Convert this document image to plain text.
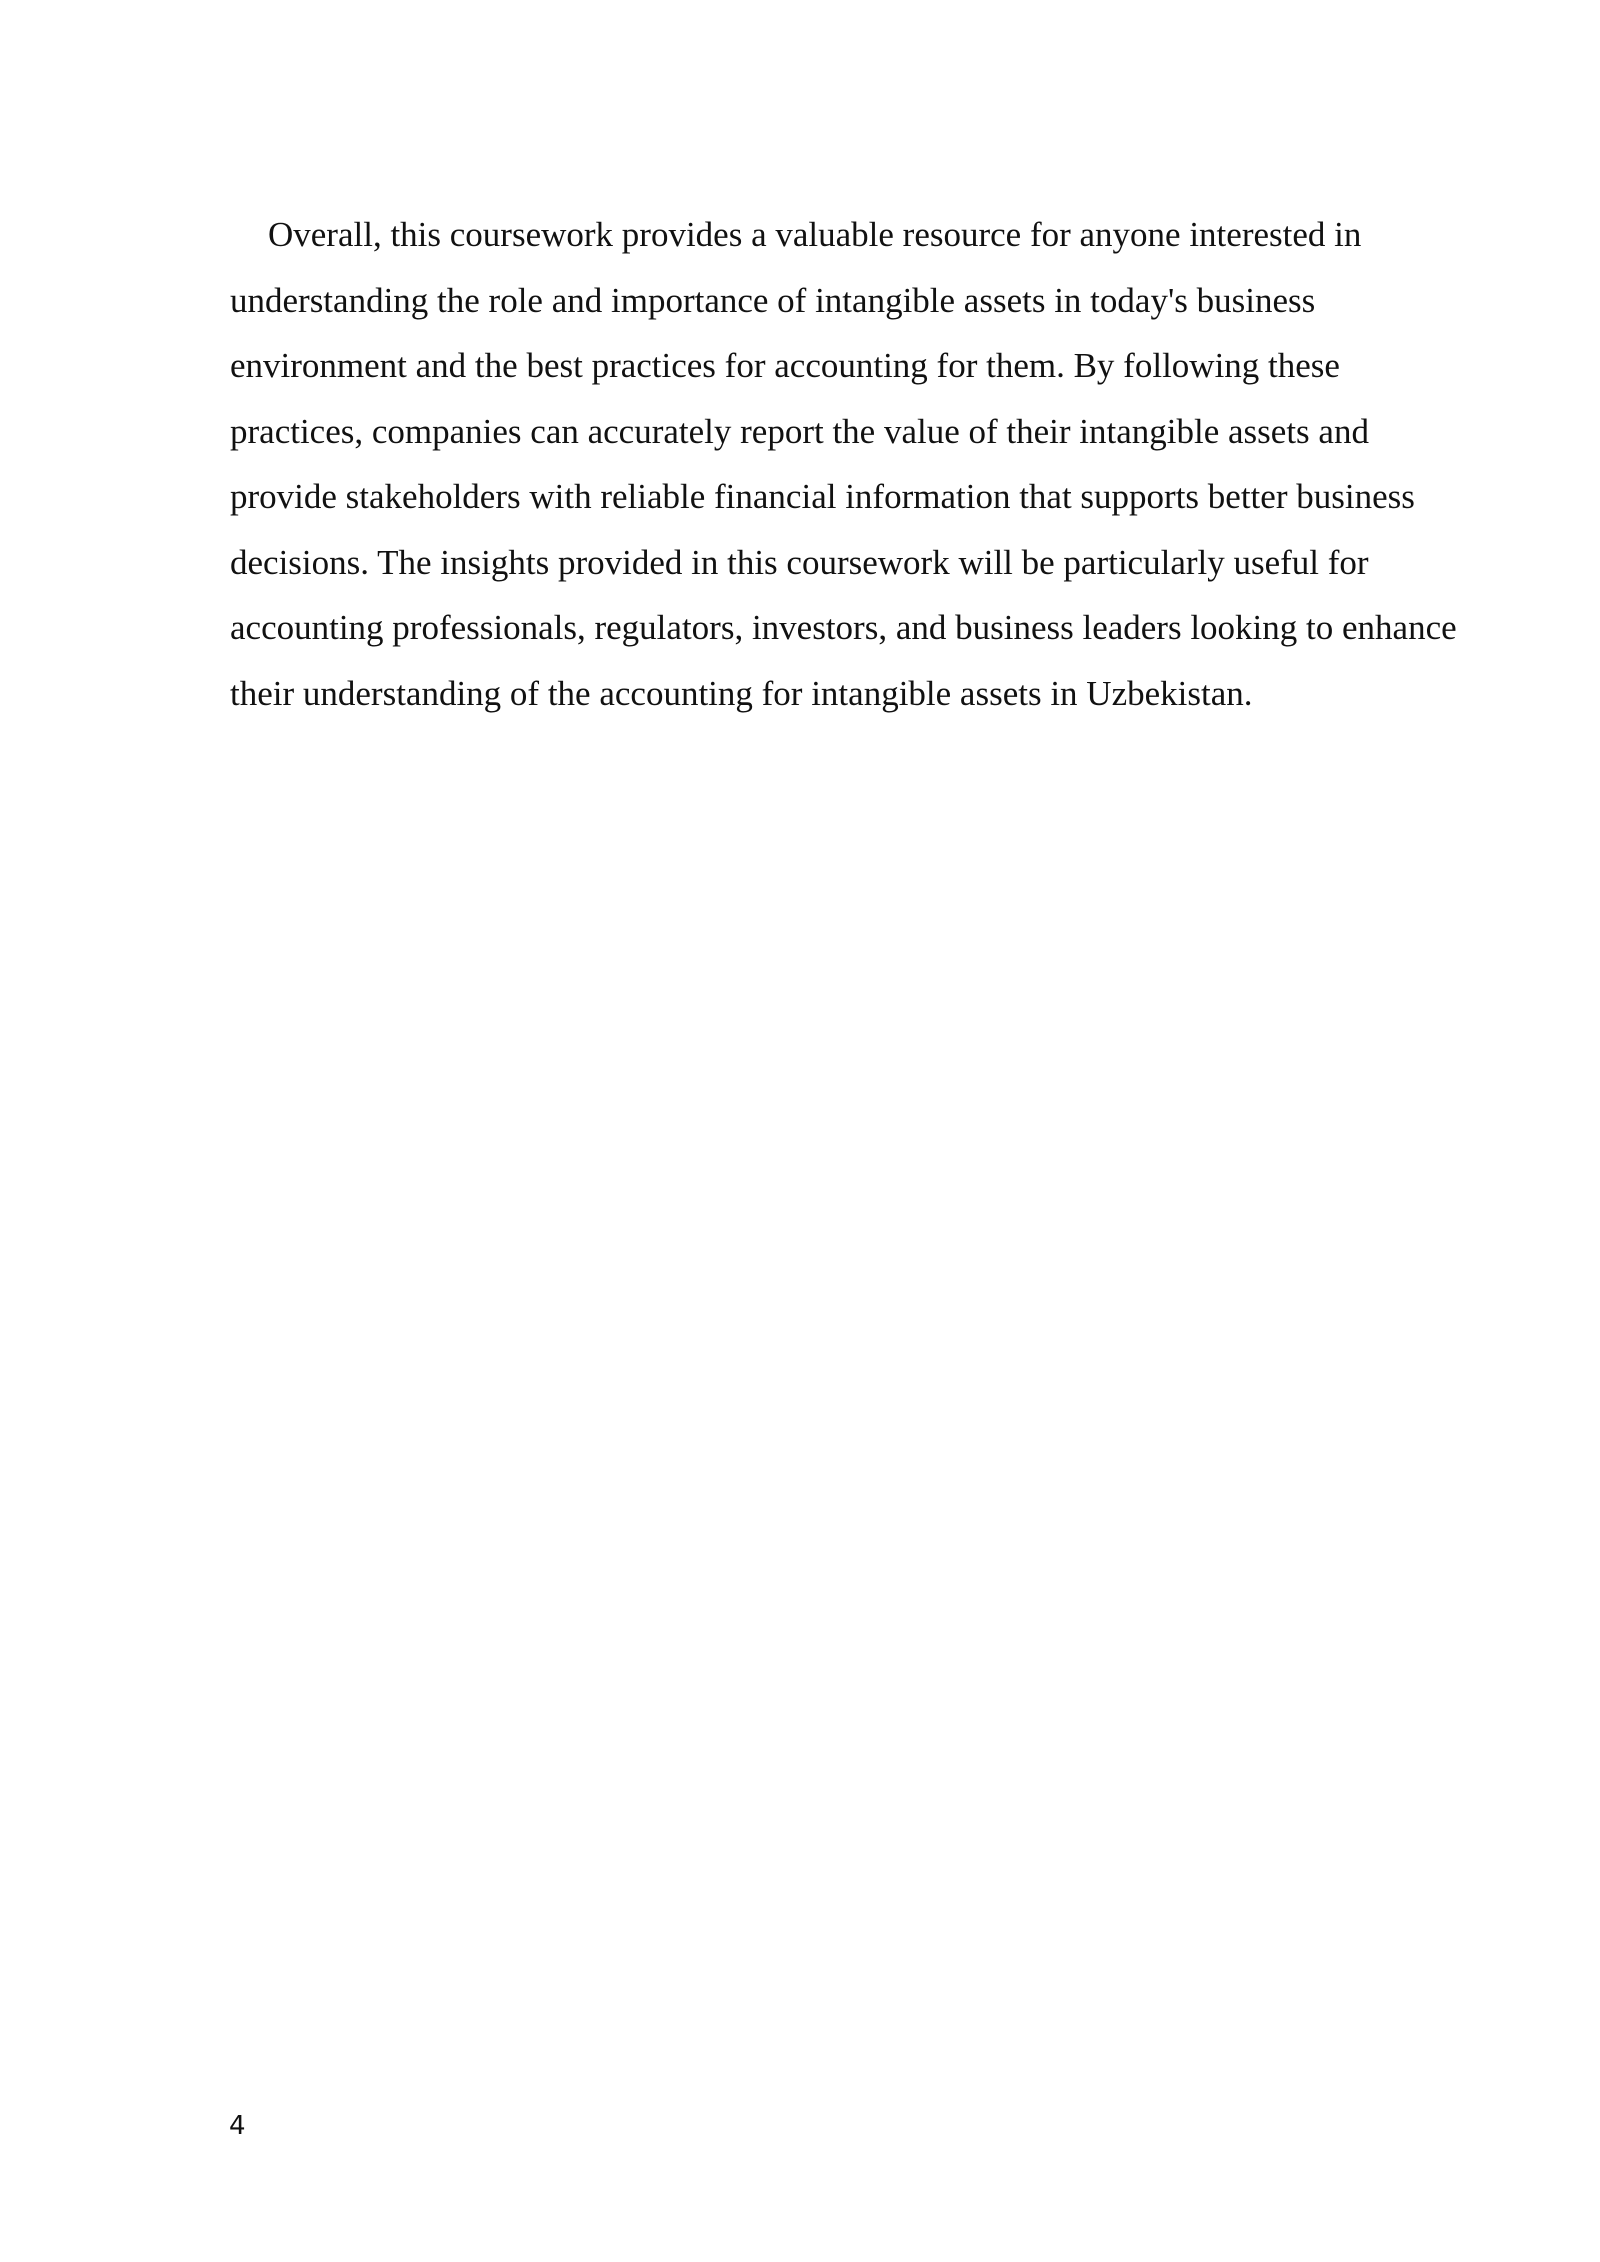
Overall, this coursework provides a valuable resource for anyone interested in understanding the role and importance of intangible assets in today's business environment and the best practices for accounting for them. By following these practices, companies can accurately report the value of their intangible assets and provide stakeholders with reliable financial information that supports better business decisions. The insights provided in this coursework will be particularly useful for accounting professionals, regulators, investors, and business leaders looking to enhance their understanding of the accounting for intangible assets in Uzbekistan.

4
